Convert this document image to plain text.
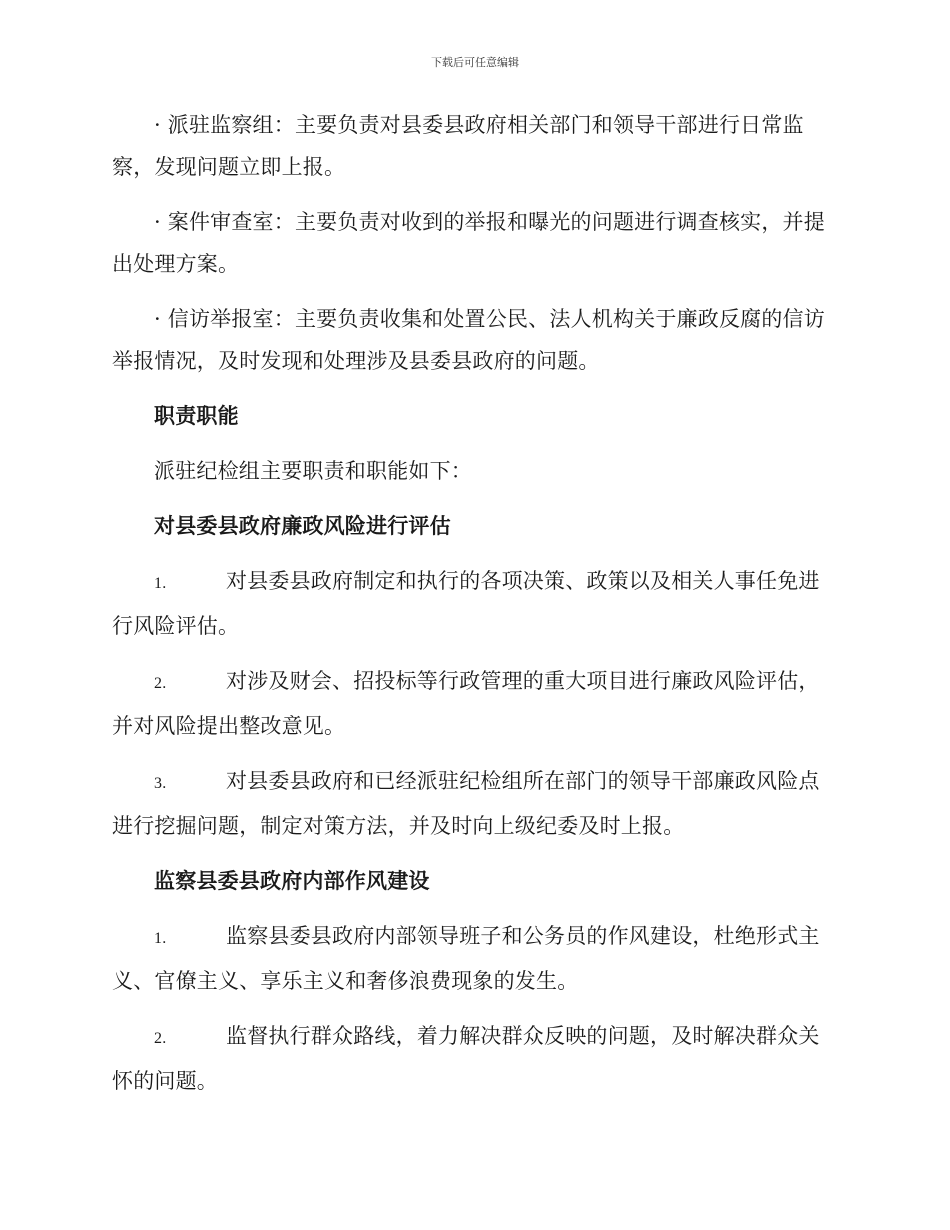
下载后可任意编辑

· 派驻监察组：主要负责对县委县政府相关部门和领导干部进行日常监察，发现问题立即上报。

· 案件审查室：主要负责对收到的举报和曝光的问题进行调查核实，并提出处理方案。

· 信访举报室：主要负责收集和处置公民、法人机构关于廉政反腐的信访举报情况，及时发现和处理涉及县委县政府的问题。

职责职能

派驻纪检组主要职责和职能如下：

对县委县政府廉政风险进行评估

1.	对县委县政府制定和执行的各项决策、政策以及相关人事任免进行风险评估。

2.	对涉及财会、招投标等行政管理的重大项目进行廉政风险评估，并对风险提出整改意见。

3.	对县委县政府和已经派驻纪检组所在部门的领导干部廉政风险点进行挖掘问题，制定对策方法，并及时向上级纪委及时上报。

监察县委县政府内部作风建设

1.	监察县委县政府内部领导班子和公务员的作风建设，杜绝形式主义、官僚主义、享乐主义和奢侈浪费现象的发生。

2.	监督执行群众路线，着力解决群众反映的问题，及时解决群众关怀的问题。
